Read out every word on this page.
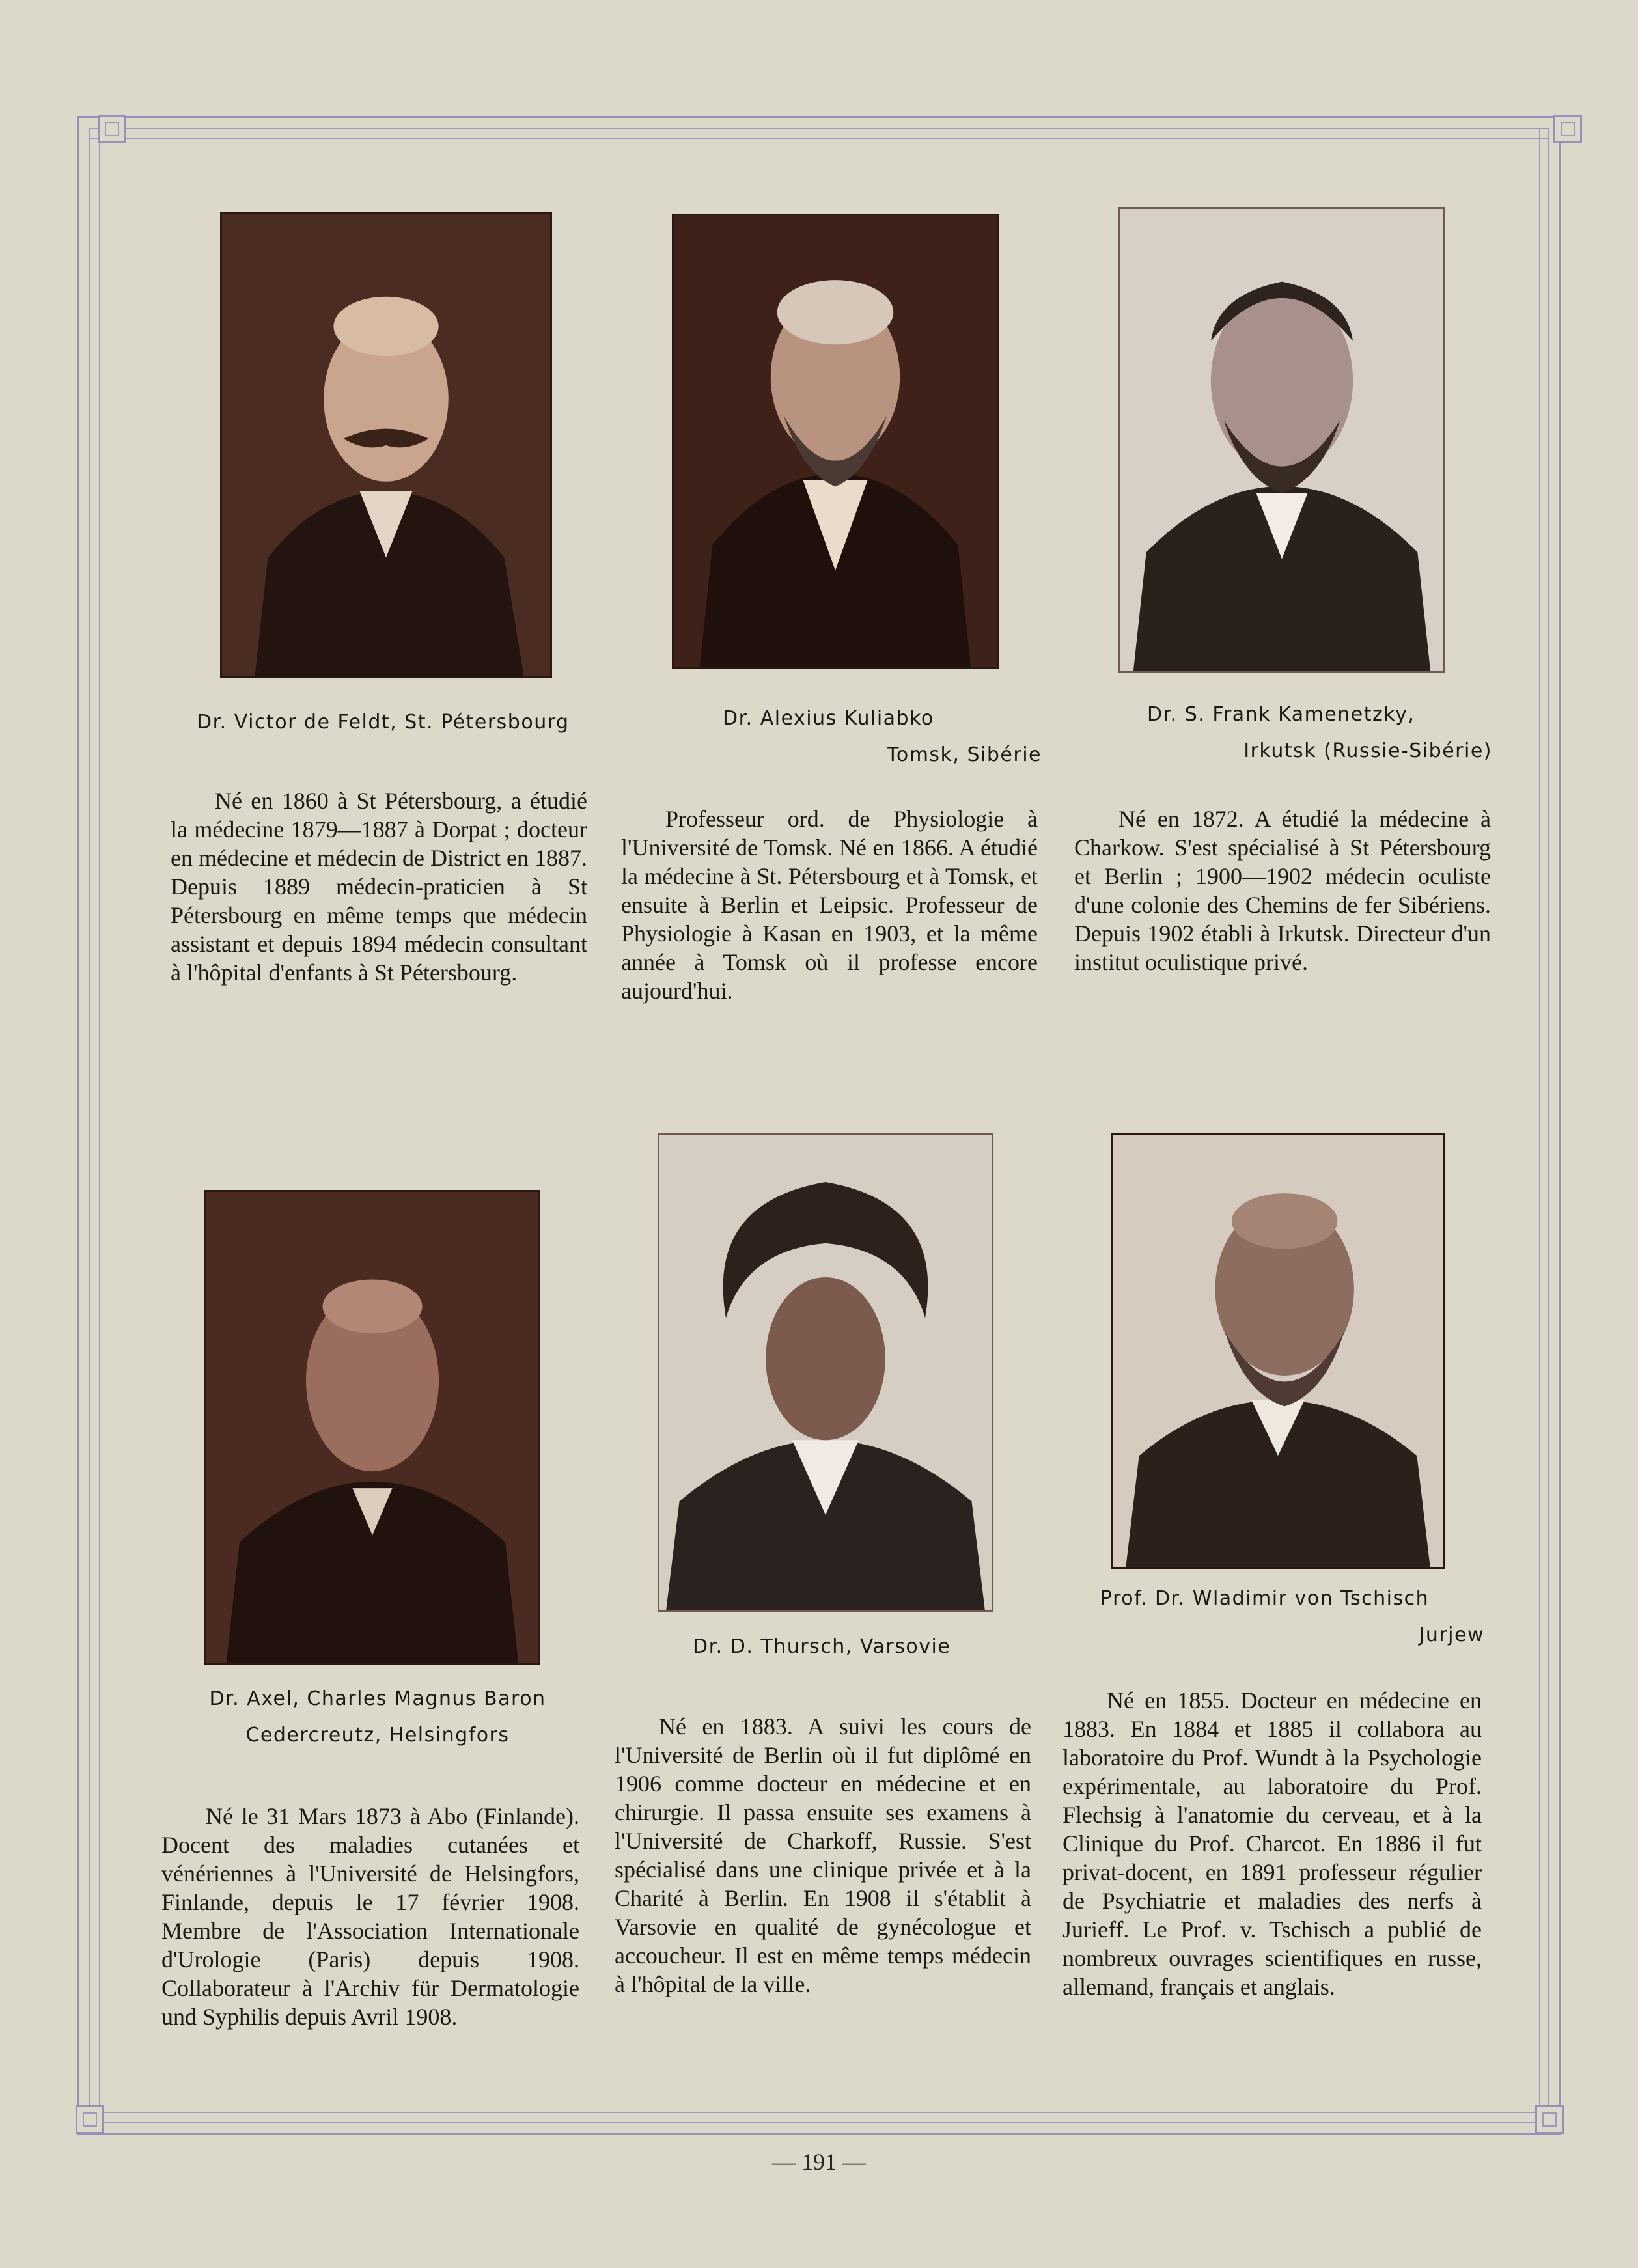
Dr. Victor de Feldt, St. Pétersbourg
Né en 1860 à St Pétersbourg, a étudié la médecine 1879—1887 à Dorpat ; docteur en médecine et médecin de District en 1887. Depuis 1889 médecin-praticien à St Pétersbourg en même temps que médecin assistant et depuis 1894 médecin consultant à l'hôpital d'enfants à St Pétersbourg.
Dr. Alexius Kuliabko
Tomsk, Sibérie
Professeur ord. de Physiologie à l'Université de Tomsk. Né en 1866. A étudié la médecine à St. Pétersbourg et à Tomsk, et ensuite à Berlin et Leipsic. Professeur de Physiologie à Kasan en 1903, et la même année à Tomsk où il professe encore aujourd'hui.
Dr. S. Frank Kamenetzky,
Irkutsk (Russie-Sibérie)
Né en 1872. A étudié la médecine à Charkow. S'est spécialisé à St Pétersbourg et Berlin ; 1900—1902 médecin oculiste d'une colonie des Chemins de fer Sibériens. Depuis 1902 établi à Irkutsk. Directeur d'un institut oculistique privé.
Dr. Axel, Charles Magnus Baron
Cedercreutz, Helsingfors
Né le 31 Mars 1873 à Abo (Finlande). Docent des maladies cutanées et vénériennes à l'Université de Helsingfors, Finlande, depuis le 17 février 1908. Membre de l'Association Internationale d'Urologie (Paris) depuis 1908. Collaborateur à l'Archiv für Dermatologie und Syphilis depuis Avril 1908.
Dr. D. Thursch, Varsovie
Né en 1883. A suivi les cours de l'Université de Berlin où il fut diplômé en 1906 comme docteur en médecine et en chirurgie. Il passa ensuite ses examens à l'Université de Charkoff, Russie. S'est spécialisé dans une clinique privée et à la Charité à Berlin. En 1908 il s'établit à Varsovie en qualité de gynécologue et accoucheur. Il est en même temps médecin à l'hôpital de la ville.
Prof. Dr. Wladimir von Tschisch
Jurjew
Né en 1855. Docteur en médecine en 1883. En 1884 et 1885 il collabora au laboratoire du Prof. Wundt à la Psychologie expérimentale, au laboratoire du Prof. Flechsig à l'anatomie du cerveau, et à la Clinique du Prof. Charcot. En 1886 il fut privat-docent, en 1891 professeur régulier de Psychiatrie et maladies des nerfs à Jurieff. Le Prof. v. Tschisch a publié de nombreux ouvrages scientifiques en russe, allemand, français et anglais.
— 191 —
